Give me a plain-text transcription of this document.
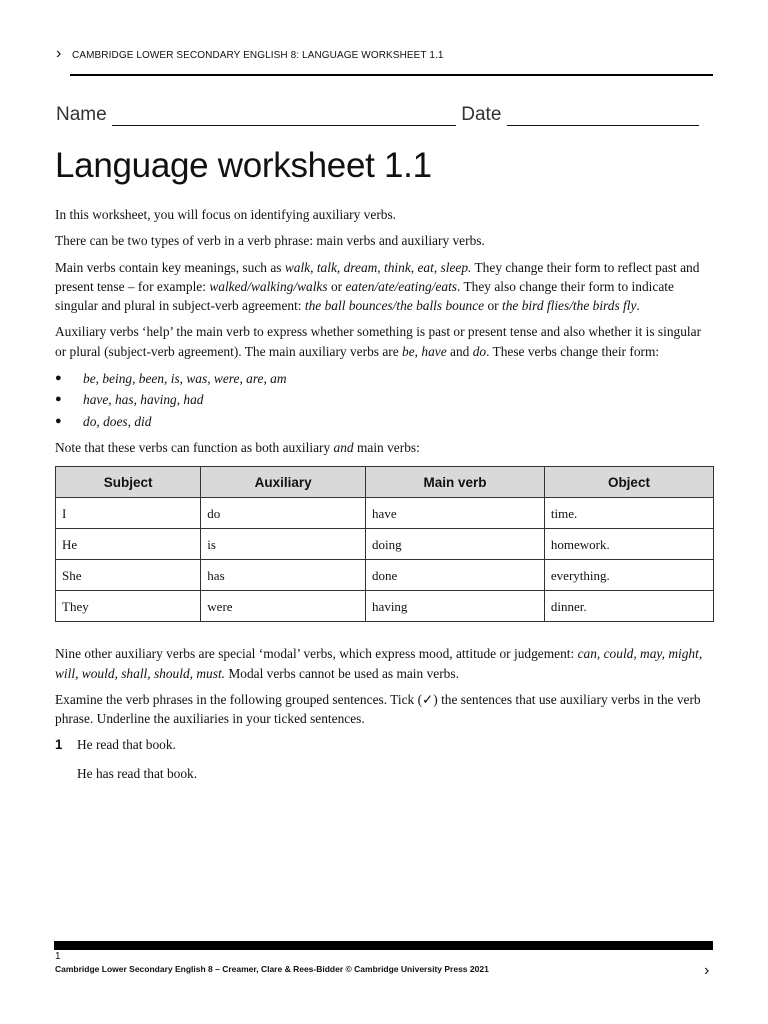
› CAMBRIDGE LOWER SECONDARY ENGLISH 8: LANGUAGE WORKSHEET 1.1
Name	Date
Language worksheet 1.1

In this worksheet, you will focus on identifying auxiliary verbs.

There can be two types of verb in a verb phrase: main verbs and auxiliary verbs.

Main verbs contain key meanings, such as walk, talk, dream, think, eat, sleep. They change their form to reflect past and present tense – for example: walked/walking/walks or eaten/ate/eating/eats. They also change their form to indicate singular and plural in subject-verb agreement: the ball bounces/the balls bounce or the bird flies/the birds fly.

Auxiliary verbs ‘help’ the main verb to express whether something is past or present tense and also whether it is singular or plural (subject-verb agreement). The main auxiliary verbs are be, have and do. These verbs change their form:

● be, being, been, is, was, were, are, am
● have, has, having, had
● do, does, did

Note that these verbs can function as both auxiliary and main verbs:

Subject	Auxiliary	Main verb	Object
I	do	have	time.
He	is	doing	homework.
She	has	done	everything.
They	were	having	dinner.

Nine other auxiliary verbs are special ‘modal’ verbs, which express mood, attitude or judgement: can, could, may, might, will, would, shall, should, must. Modal verbs cannot be used as main verbs.

Examine the verb phrases in the following grouped sentences. Tick (✓) the sentences that use auxiliary verbs in the verb phrase. Underline the auxiliaries in your ticked sentences.

1 He read that book.

He has read that book.

1
Cambridge Lower Secondary English 8 – Creamer, Clare & Rees-Bidder © Cambridge University Press 2021	›
